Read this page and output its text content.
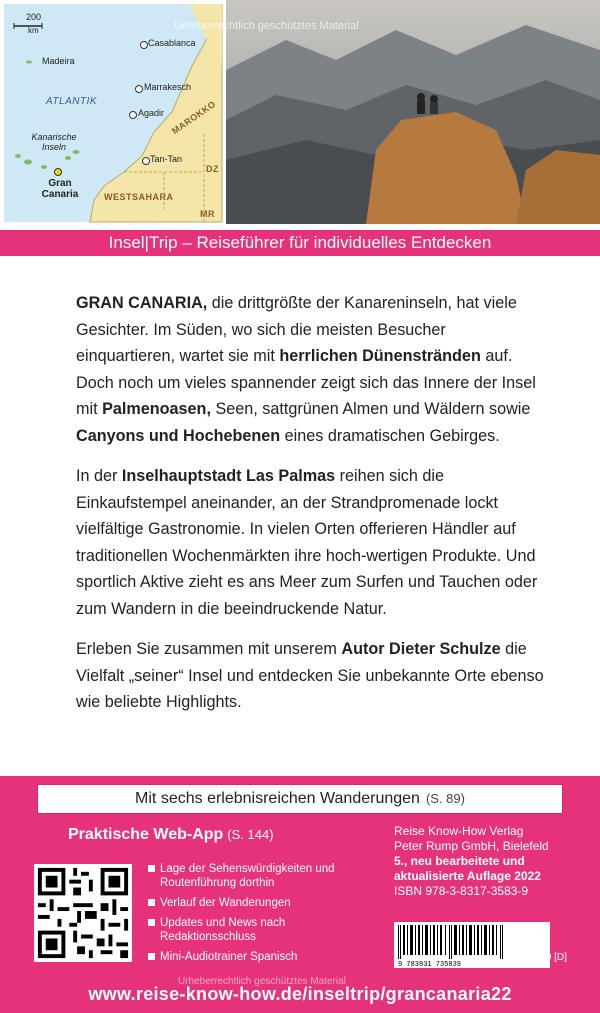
200
km
Casablanca
Madeira
ATLANTIK
Marrakesch
Agadir MAROKKO
Kanarische Inseln
Tan-Tan
Gran Canaria
DZ
WESTSAHARA
MR
Urheberrechtlich geschütztes Material
Insel|Trip – Reiseführer für individuelles Entdecken

GRAN CANARIA, die drittgrößte der Kanareninseln, hat viele Gesichter. Im Süden, wo sich die meisten Besucher einquartieren, wartet sie mit herrlichen Dünenstränden auf. Doch noch um vieles spannender zeigt sich das Innere der Insel mit Palmenoasen, Seen, sattgrünen Almen und Wäldern sowie Canyons und Hochebenen eines dramatischen Gebirges.

In der Inselhauptstadt Las Palmas reihen sich die Einkaufstempel aneinander, an der Strandpromenade lockt vielfältige Gastronomie. In vielen Orten offerieren Händler auf traditionellen Wochenmärkten ihre hoch-wertigen Produkte. Und sportlich Aktive zieht es ans Meer zum Surfen und Tauchen oder zum Wandern in die beeindruckende Natur.

Erleben Sie zusammen mit unserem Autor Dieter Schulze die Vielfalt „seiner“ Insel und entdecken Sie unbekannte Orte ebenso wie beliebte Highlights.

Mit sechs erlebnisreichen Wanderungen (S. 89)
Praktische Web-App (S. 144)
Lage der Sehenswürdigkeiten und Routenführung dorthin
Verlauf der Wanderungen
Updates und News nach Redaktionsschluss
Mini-Audiotrainer Spanisch
Reise Know-How Verlag
Peter Rump GmbH, Bielefeld
5., neu bearbeitete und
aktualisierte Auflage 2022
ISBN 978-3-8317-3583-9
9 783831 735839
€ 14,00 [D]
www.reise-know-how.de/inseltrip/grancanaria22
Urheberrechtlich geschütztes Material
